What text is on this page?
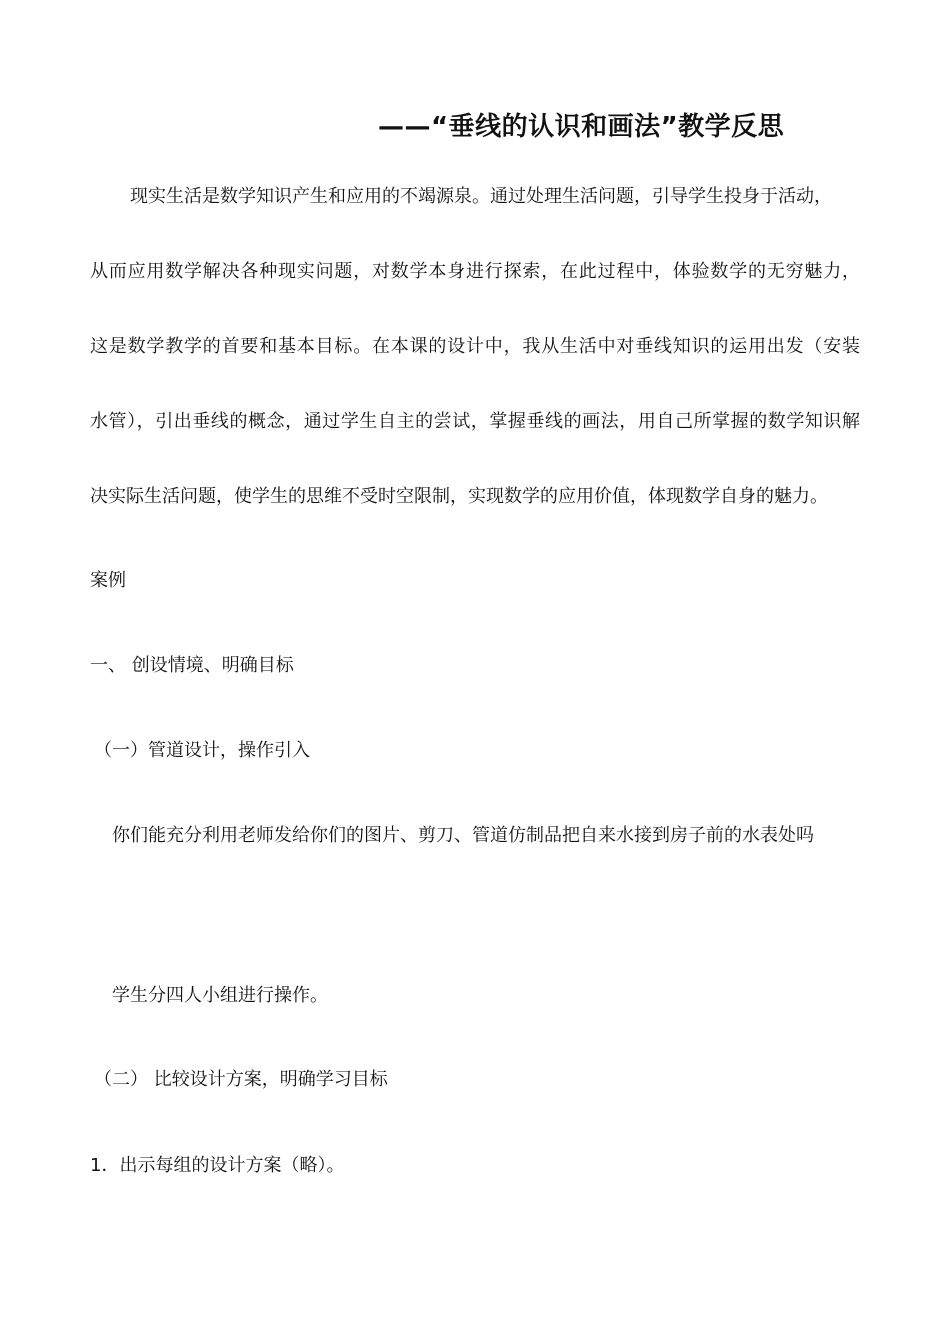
——“垂线的认识和画法”教学反思
现实生活是数学知识产生和应用的不竭源泉。通过处理生活问题，引导学生投身于活动，
从而应用数学解决各种现实问题，对数学本身进行探索，在此过程中，体验数学的无穷魅力，
这是数学教学的首要和基本目标。在本课的设计中，我从生活中对垂线知识的运用出发（安装
水管），引出垂线的概念，通过学生自主的尝试，掌握垂线的画法，用自己所掌握的数学知识解
决实际生活问题，使学生的思维不受时空限制，实现数学的应用价值，体现数学自身的魅力。
案例
一、 创设情境、明确目标
（一）管道设计，操作引入
你们能充分利用老师发给你们的图片、剪刀、管道仿制品把自来水接到房子前的水表处吗
学生分四人小组进行操作。
（二） 比较设计方案，明确学习目标
1．出示每组的设计方案（略）。
